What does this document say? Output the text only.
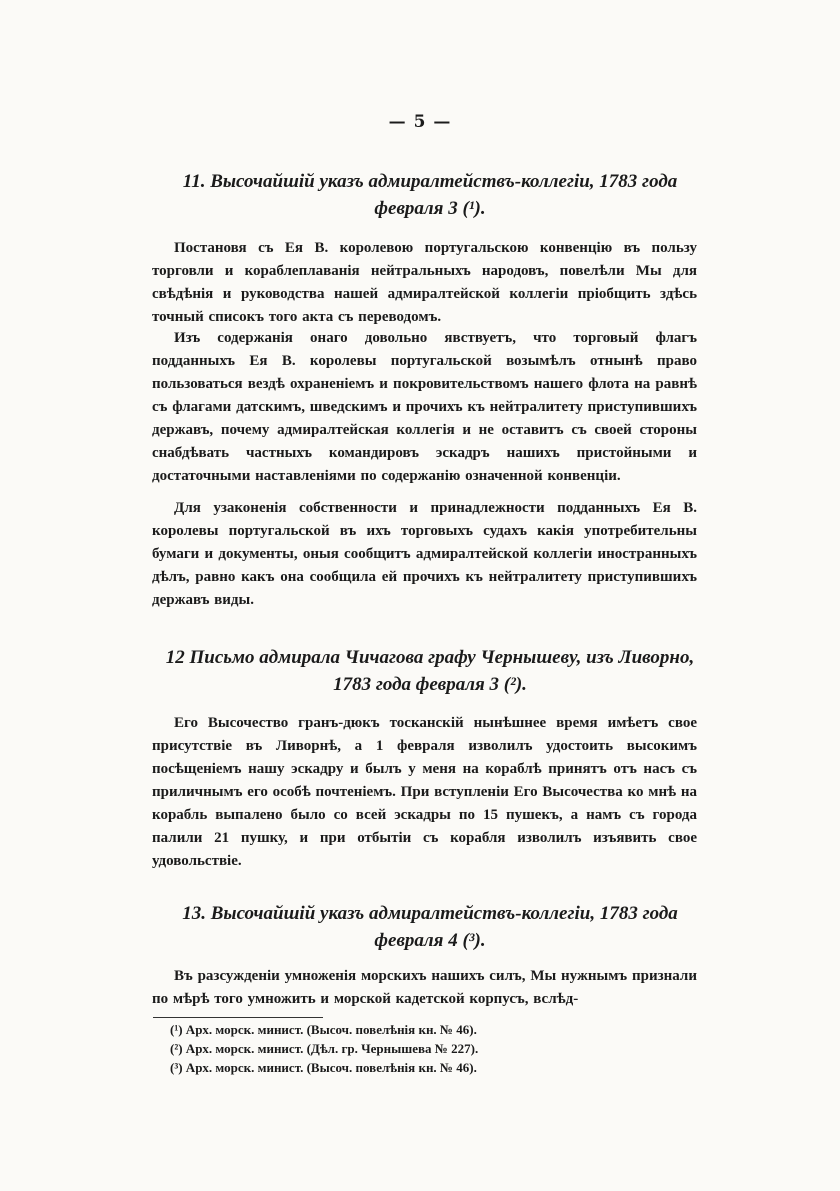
— 5 —
11. Высочайшій указъ адмиралтействъ-коллегіи, 1783 года
февраля 3 (¹).
Постановя съ Ея В. королевою португальскою конвенцію въ пользу торговли и кораблеплаванія нейтральныхъ народовъ, повелѣли Мы для свѣдѣнія и руководства нашей адмиралтейской коллегіи пріобщить здѣсь точный списокъ того акта съ переводомъ.
Изъ содержанія онаго довольно явствуетъ, что торговый флагъ подданныхъ Ея В. королевы португальской возымѣлъ отнынѣ право пользоваться вездѣ охраненіемъ и покровительствомъ нашего флота на равнѣ съ флагами датскимъ, шведскимъ и прочихъ къ нейтралитету приступившихъ державъ, почему адмиралтейская коллегія и не оставитъ съ своей стороны снабдѣвать частныхъ командировъ эскадръ нашихъ пристойными и достаточными наставленіями по содержанію означенной конвенціи.
Для узаконенія собственности и принадлежности подданныхъ Ея В. королевы португальской въ ихъ торговыхъ судахъ какія употребительны бумаги и документы, оныя сообщитъ адмиралтейской коллегіи иностранныхъ дѣлъ, равно какъ она сообщила ей прочихъ къ нейтралитету приступившихъ державъ виды.
12 Письмо адмирала Чичагова графу Чернышеву, изъ Ливорно,
1783 года февраля 3 (²).
Его Высочество гранъ-дюкъ тосканскій нынѣшнее время имѣетъ свое присутствіе въ Ливорнѣ, а 1 февраля изволилъ удостоить высокимъ посѣщеніемъ нашу эскадру и былъ у меня на кораблѣ принятъ отъ насъ съ приличнымъ его особѣ почтеніемъ. При вступленіи Его Высочества ко мнѣ на корабль выпалено было со всей эскадры по 15 пушекъ, а намъ съ города палили 21 пушку, и при отбытіи съ корабля изволилъ изъявить свое удовольствіе.
13. Высочайшій указъ адмиралтействъ-коллегіи, 1783 года
февраля 4 (³).
Въ разсужденіи умноженія морскихъ нашихъ силъ, Мы нужнымъ признали по мѣрѣ того умножить и морской кадетской корпусъ, вслѣд-
(¹) Арх. морск. минист. (Высоч. повелѣнія кн. № 46).
(²) Арх. морск. минист. (Дѣл. гр. Чернышева № 227).
(³) Арх. морск. минист. (Высоч. повелѣнія кн. № 46).
